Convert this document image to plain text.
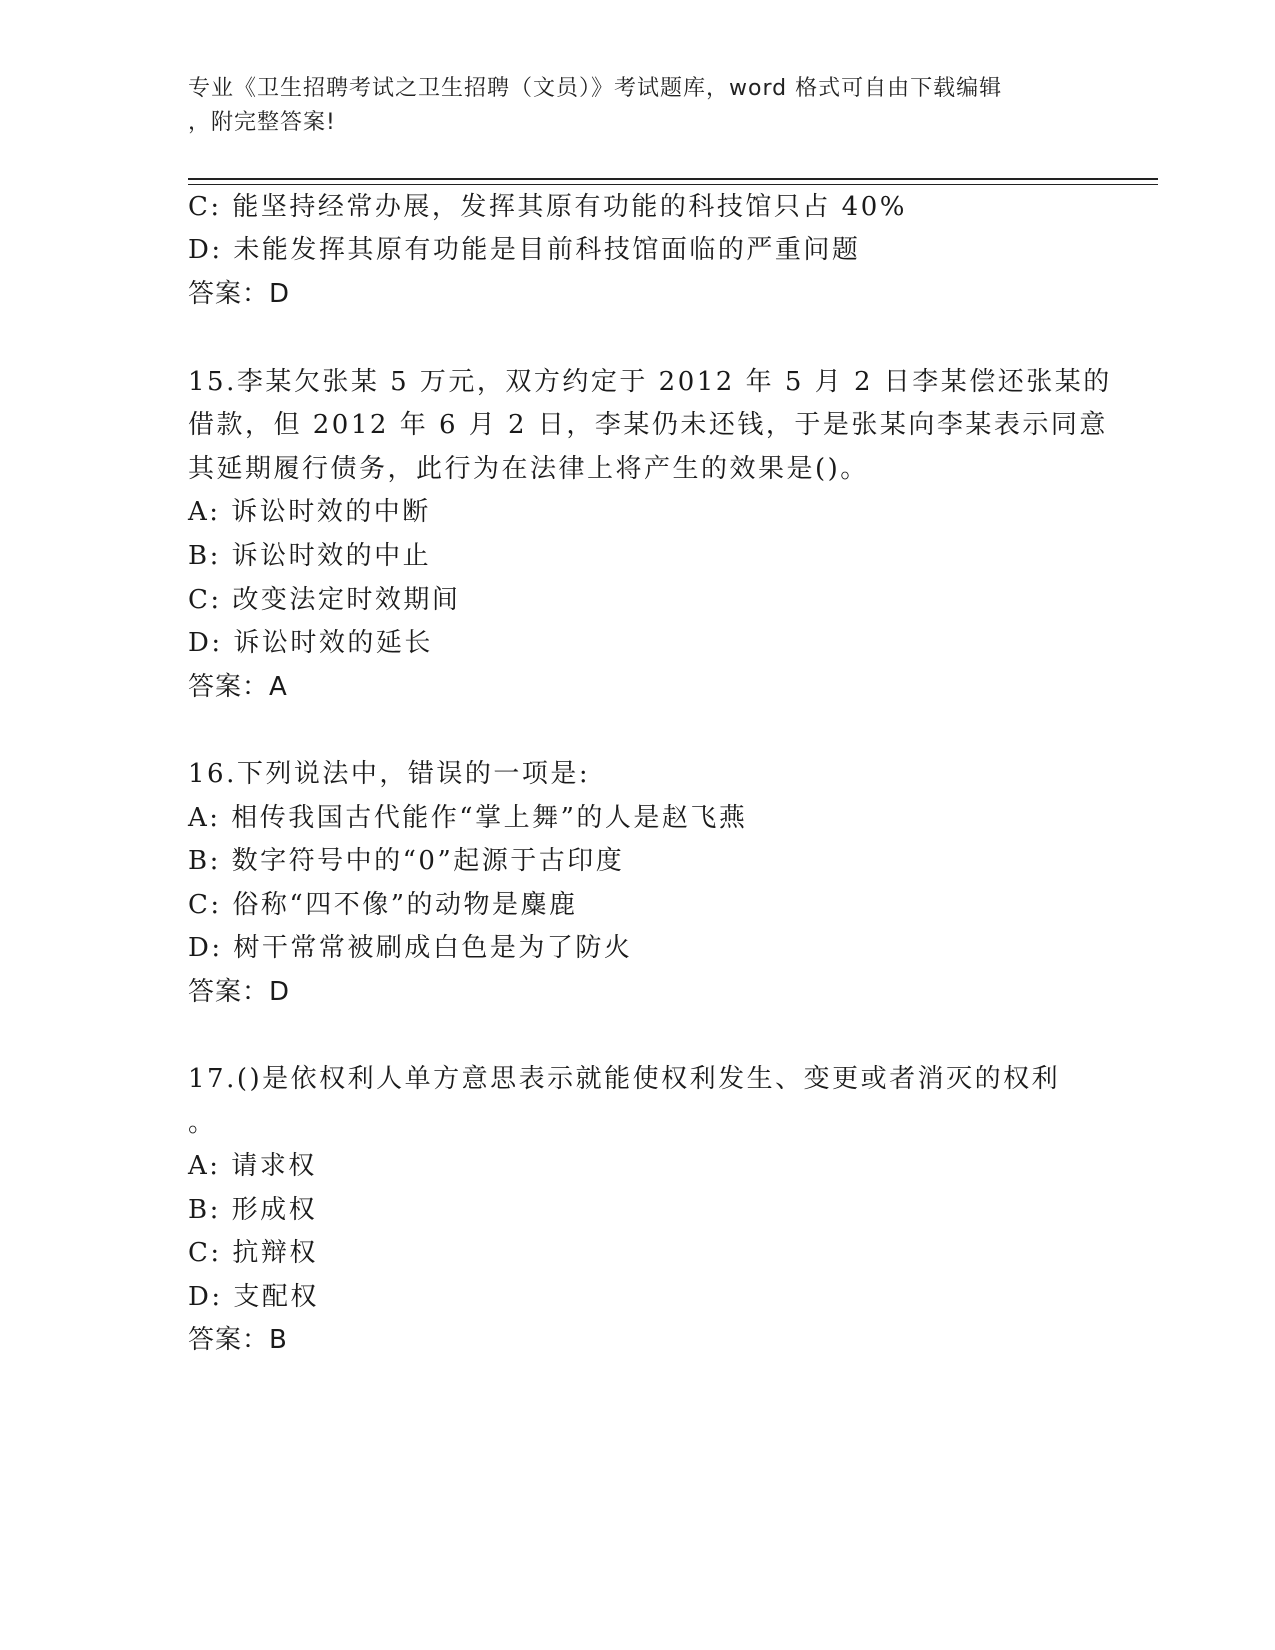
专业《卫生招聘考试之卫生招聘（文员）》考试题库，word 格式可自由下载编辑
，附完整答案!
C: 能坚持经常办展，发挥其原有功能的科技馆只占 40%
D: 未能发挥其原有功能是目前科技馆面临的严重问题
答案：D
15.李某欠张某 5 万元，双方约定于 2012 年 5 月 2 日李某偿还张某的
借款，但 2012 年 6 月 2 日，李某仍未还钱，于是张某向李某表示同意
其延期履行债务，此行为在法律上将产生的效果是()。
A: 诉讼时效的中断
B: 诉讼时效的中止
C: 改变法定时效期间
D: 诉讼时效的延长
答案：A
16.下列说法中，错误的一项是:
A: 相传我国古代能作“掌上舞”的人是赵飞燕
B: 数字符号中的“0”起源于古印度
C: 俗称“四不像”的动物是麋鹿
D: 树干常常被刷成白色是为了防火
答案：D
17.()是依权利人单方意思表示就能使权利发生、变更或者消灭的权利
。
A: 请求权
B: 形成权
C: 抗辩权
D: 支配权
答案：B
